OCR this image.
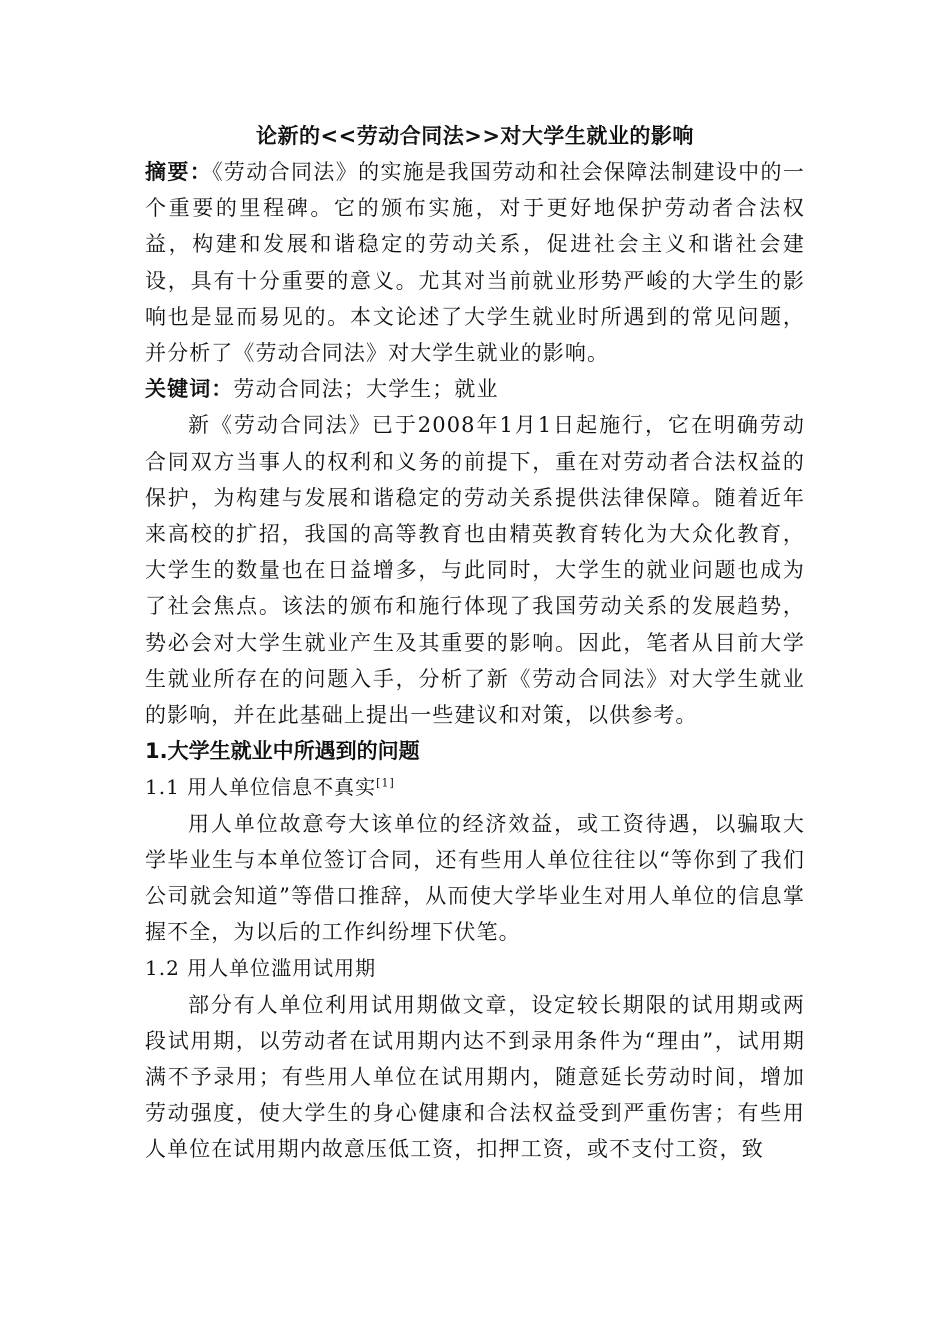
论新的<<劳动合同法>>对大学生就业的影响

摘要：《劳动合同法》的实施是我国劳动和社会保障法制建设中的一个重要的里程碑。它的颁布实施，对于更好地保护劳动者合法权益，构建和发展和谐稳定的劳动关系，促进社会主义和谐社会建设，具有十分重要的意义。尤其对当前就业形势严峻的大学生的影响也是显而易见的。本文论述了大学生就业时所遇到的常见问题，并分析了《劳动合同法》对大学生就业的影响。

关键词：劳动合同法；大学生；就业

新《劳动合同法》已于2008年1月1日起施行，它在明确劳动合同双方当事人的权利和义务的前提下，重在对劳动者合法权益的保护，为构建与发展和谐稳定的劳动关系提供法律保障。随着近年来高校的扩招，我国的高等教育也由精英教育转化为大众化教育，大学生的数量也在日益增多，与此同时，大学生的就业问题也成为了社会焦点。该法的颁布和施行体现了我国劳动关系的发展趋势，势必会对大学生就业产生及其重要的影响。因此，笔者从目前大学生就业所存在的问题入手，分析了新《劳动合同法》对大学生就业的影响，并在此基础上提出一些建议和对策，以供参考。

1.大学生就业中所遇到的问题

1.1 用人单位信息不真实[1]

用人单位故意夸大该单位的经济效益，或工资待遇，以骗取大学毕业生与本单位签订合同，还有些用人单位往往以“等你到了我们公司就会知道”等借口推辞，从而使大学毕业生对用人单位的信息掌握不全，为以后的工作纠纷埋下伏笔。

1.2 用人单位滥用试用期

部分有人单位利用试用期做文章，设定较长期限的试用期或两段试用期，以劳动者在试用期内达不到录用条件为“理由”，试用期满不予录用；有些用人单位在试用期内，随意延长劳动时间，增加劳动强度，使大学生的身心健康和合法权益受到严重伤害；有些用人单位在试用期内故意压低工资，扣押工资，或不支付工资，致
